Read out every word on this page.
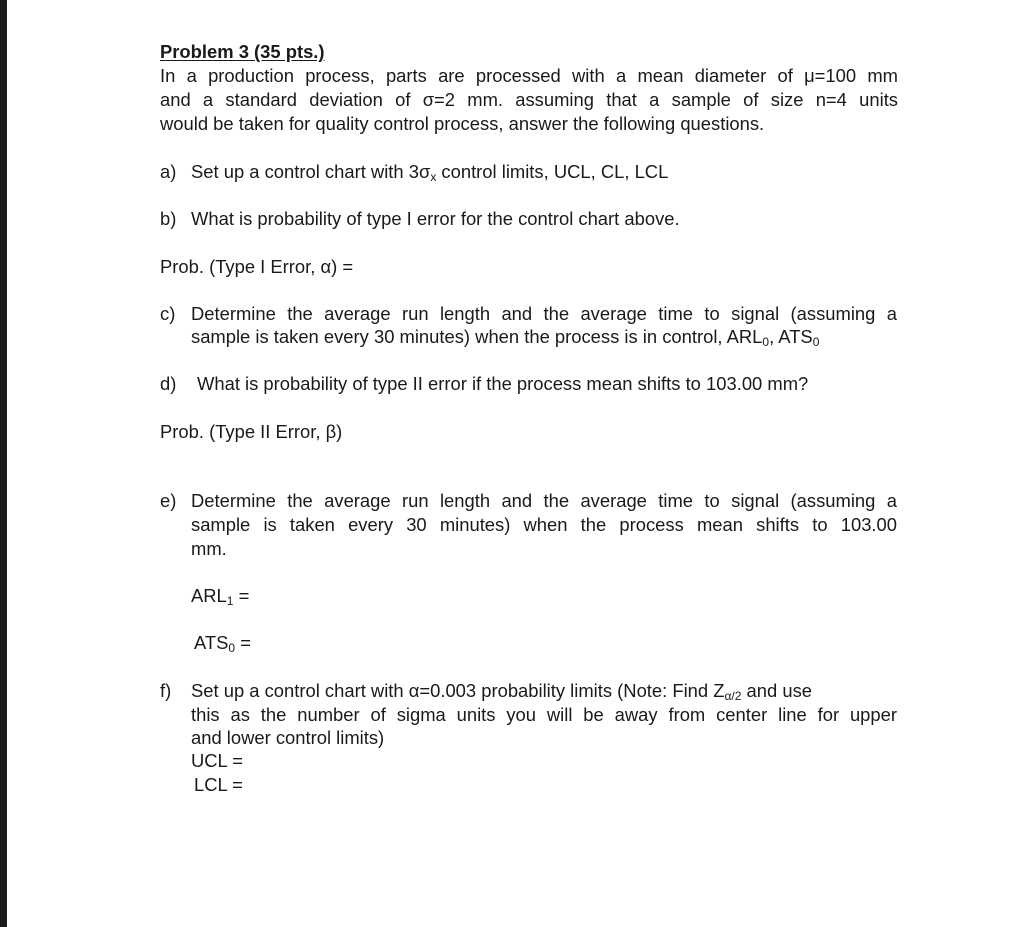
Problem 3 (35 pts.)
In a production process, parts are processed with a mean diameter of μ=100 mm
and a standard deviation of σ=2 mm. assuming that a sample of size n=4 units
would be taken for quality control process, answer the following questions.
a) Set up a control chart with $3\sigma_x$ control limits, UCL, CL, LCL
b) What is probability of type I error for the control chart above.
Prob. (Type I Error, α) =
c) Determine the average run length and the average time to signal (assuming a
sample is taken every 30 minutes) when the process is in control, $ARL_0$, $ATS_0$
d) What is probability of type II error if the process mean shifts to 103.00 mm?
Prob. (Type II Error, β)
e) Determine the average run length and the average time to signal (assuming a
sample is taken every 30 minutes) when the process mean shifts to 103.00
mm.
$ARL_1$ =
$ATS_0$ =
f) Set up a control chart with α=0.003 probability limits (Note: Find $Z_{\alpha/2}$ and use
this as the number of sigma units you will be away from center line for upper
and lower control limits)
UCL =
LCL =
